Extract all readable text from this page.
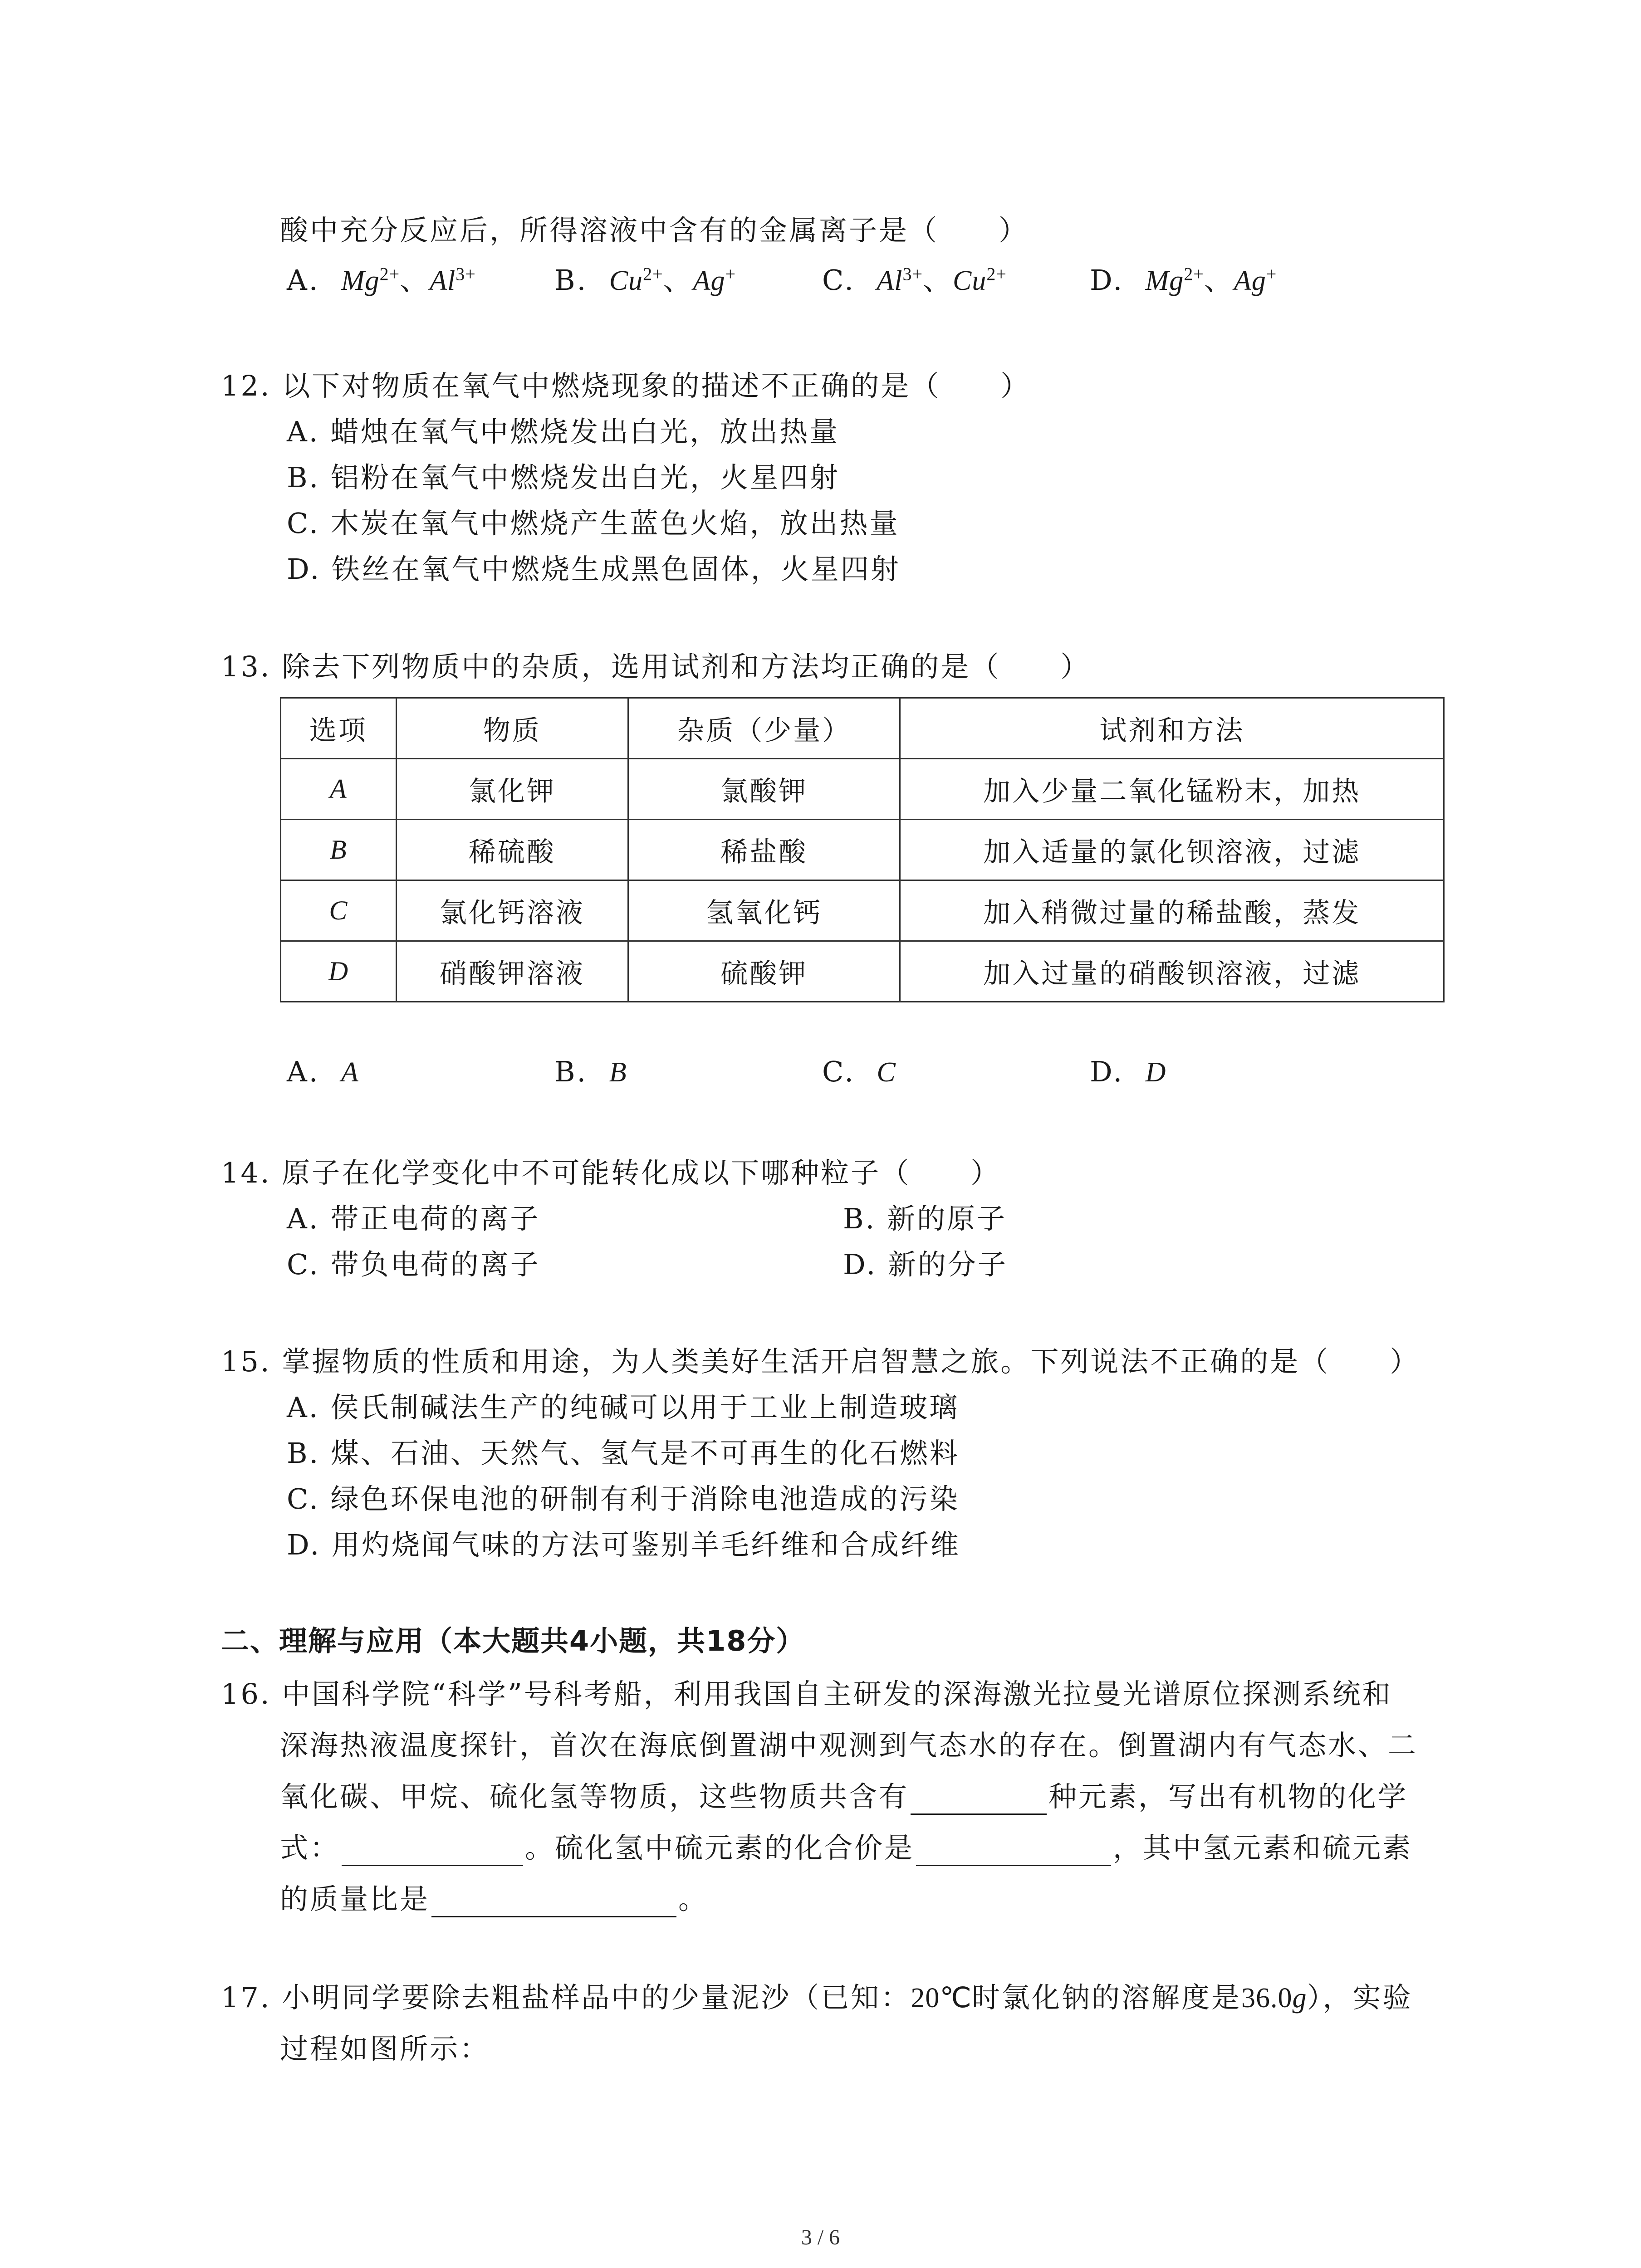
酸中充分反应后，所得溶液中含有的金属离子是（　　）
A. $Mg^{2+}$、$Al^{3+}$	B. $Cu^{2+}$、Ag+	C. $Al^{3+}$、$Cu^{2+}$	D. $Mg^{2+}$、Ag+
12. 以下对物质在氧气中燃烧现象的描述不正确的是（　　）
A. 蜡烛在氧气中燃烧发出白光，放出热量
B. 铝粉在氧气中燃烧发出白光，火星四射
C. 木炭在氧气中燃烧产生蓝色火焰，放出热量
D. 铁丝在氧气中燃烧生成黑色固体，火星四射
13. 除去下列物质中的杂质，选用试剂和方法均正确的是（　　）
选项	物质	杂质（少量）	试剂和方法
A	氯化钾	氯酸钾	加入少量二氧化锰粉末，加热
B	稀硫酸	稀盐酸	加入适量的氯化钡溶液，过滤
C	氯化钙溶液	氢氧化钙	加入稍微过量的稀盐酸，蒸发
D	硝酸钾溶液	硫酸钾	加入过量的硝酸钡溶液，过滤
A. A	B. B	C. C	D. D
14. 原子在化学变化中不可能转化成以下哪种粒子（　　）
A. 带正电荷的离子	B. 新的原子
C. 带负电荷的离子	D. 新的分子
15. 掌握物质的性质和用途，为人类美好生活开启智慧之旅。下列说法不正确的是（　　）
A. 侯氏制碱法生产的纯碱可以用于工业上制造玻璃
B. 煤、石油、天然气、氢气是不可再生的化石燃料
C. 绿色环保电池的研制有利于消除电池造成的污染
D. 用灼烧闻气味的方法可鉴别羊毛纤维和合成纤维
二、理解与应用（本大题共4小题，共18分）
16. 中国科学院“科学”号科考船，利用我国自主研发的深海激光拉曼光谱原位探测系统和
深海热液温度探针，首次在海底倒置湖中观测到气态水的存在。倒置湖内有气态水、二
氧化碳、甲烷、硫化氢等物质，这些物质共含有	种元素，写出有机物的化学
式：	。硫化氢中硫元素的化合价是	，其中氢元素和硫元素
的质量比是	。
17. 小明同学要除去粗盐样品中的少量泥沙（已知：20℃时氯化钠的溶解度是36.0g），实验
过程如图所示：
3 / 6
